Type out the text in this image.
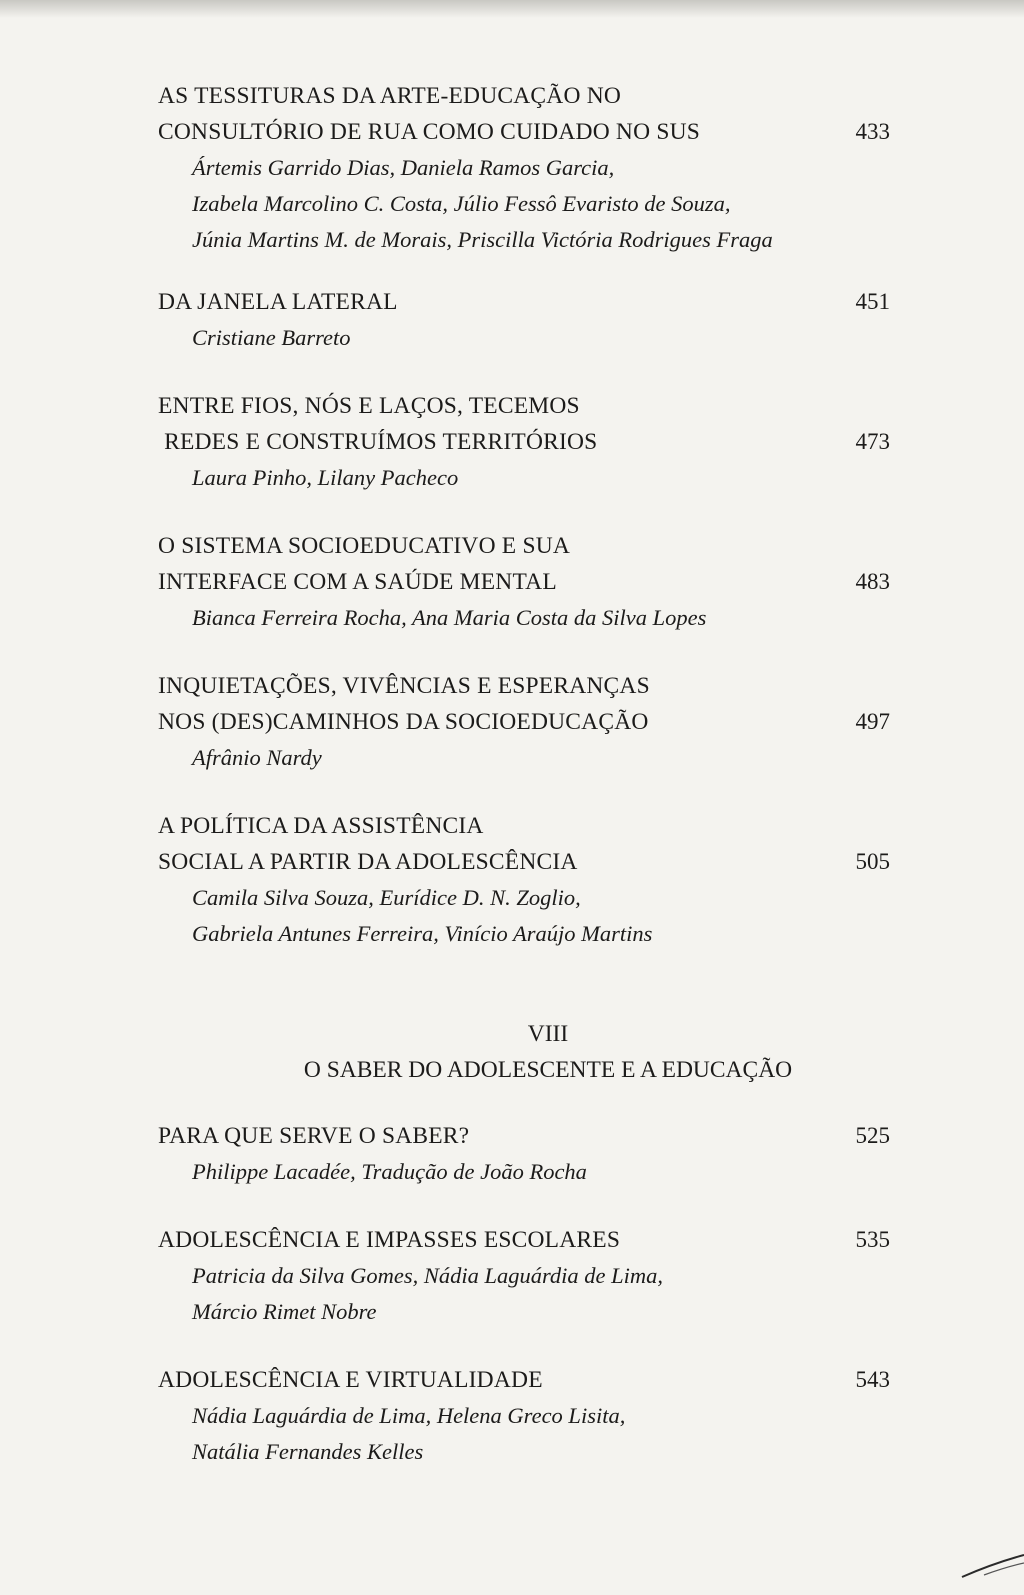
AS TESSITURAS DA ARTE-EDUCAÇÃO NO
CONSULTÓRIO DE RUA COMO CUIDADO NO SUS	433
Ártemis Garrido Dias, Daniela Ramos Garcia,
Izabela Marcolino C. Costa, Júlio Fessô Evaristo de Souza,
Júnia Martins M. de Morais, Priscilla Victória Rodrigues Fraga
DA JANELA LATERAL	451
Cristiane Barreto
ENTRE FIOS, NÓS E LAÇOS, TECEMOS
REDES E CONSTRUÍMOS TERRITÓRIOS	473
Laura Pinho, Lilany Pacheco
O SISTEMA SOCIOEDUCATIVO E SUA
INTERFACE COM A SAÚDE MENTAL	483
Bianca Ferreira Rocha, Ana Maria Costa da Silva Lopes
INQUIETAÇÕES, VIVÊNCIAS E ESPERANÇAS
NOS (DES)CAMINHOS DA SOCIOEDUCAÇÃO	497
Afrânio Nardy
A POLÍTICA DA ASSISTÊNCIA
SOCIAL A PARTIR DA ADOLESCÊNCIA	505
Camila Silva Souza, Eurídice D. N. Zoglio,
Gabriela Antunes Ferreira, Vinício Araújo Martins
VIII
O SABER DO ADOLESCENTE E A EDUCAÇÃO
PARA QUE SERVE O SABER?	525
Philippe Lacadée, Tradução de João Rocha
ADOLESCÊNCIA E IMPASSES ESCOLARES	535
Patricia da Silva Gomes, Nádia Laguárdia de Lima,
Márcio Rimet Nobre
ADOLESCÊNCIA E VIRTUALIDADE	543
Nádia Laguárdia de Lima, Helena Greco Lisita,
Natália Fernandes Kelles
